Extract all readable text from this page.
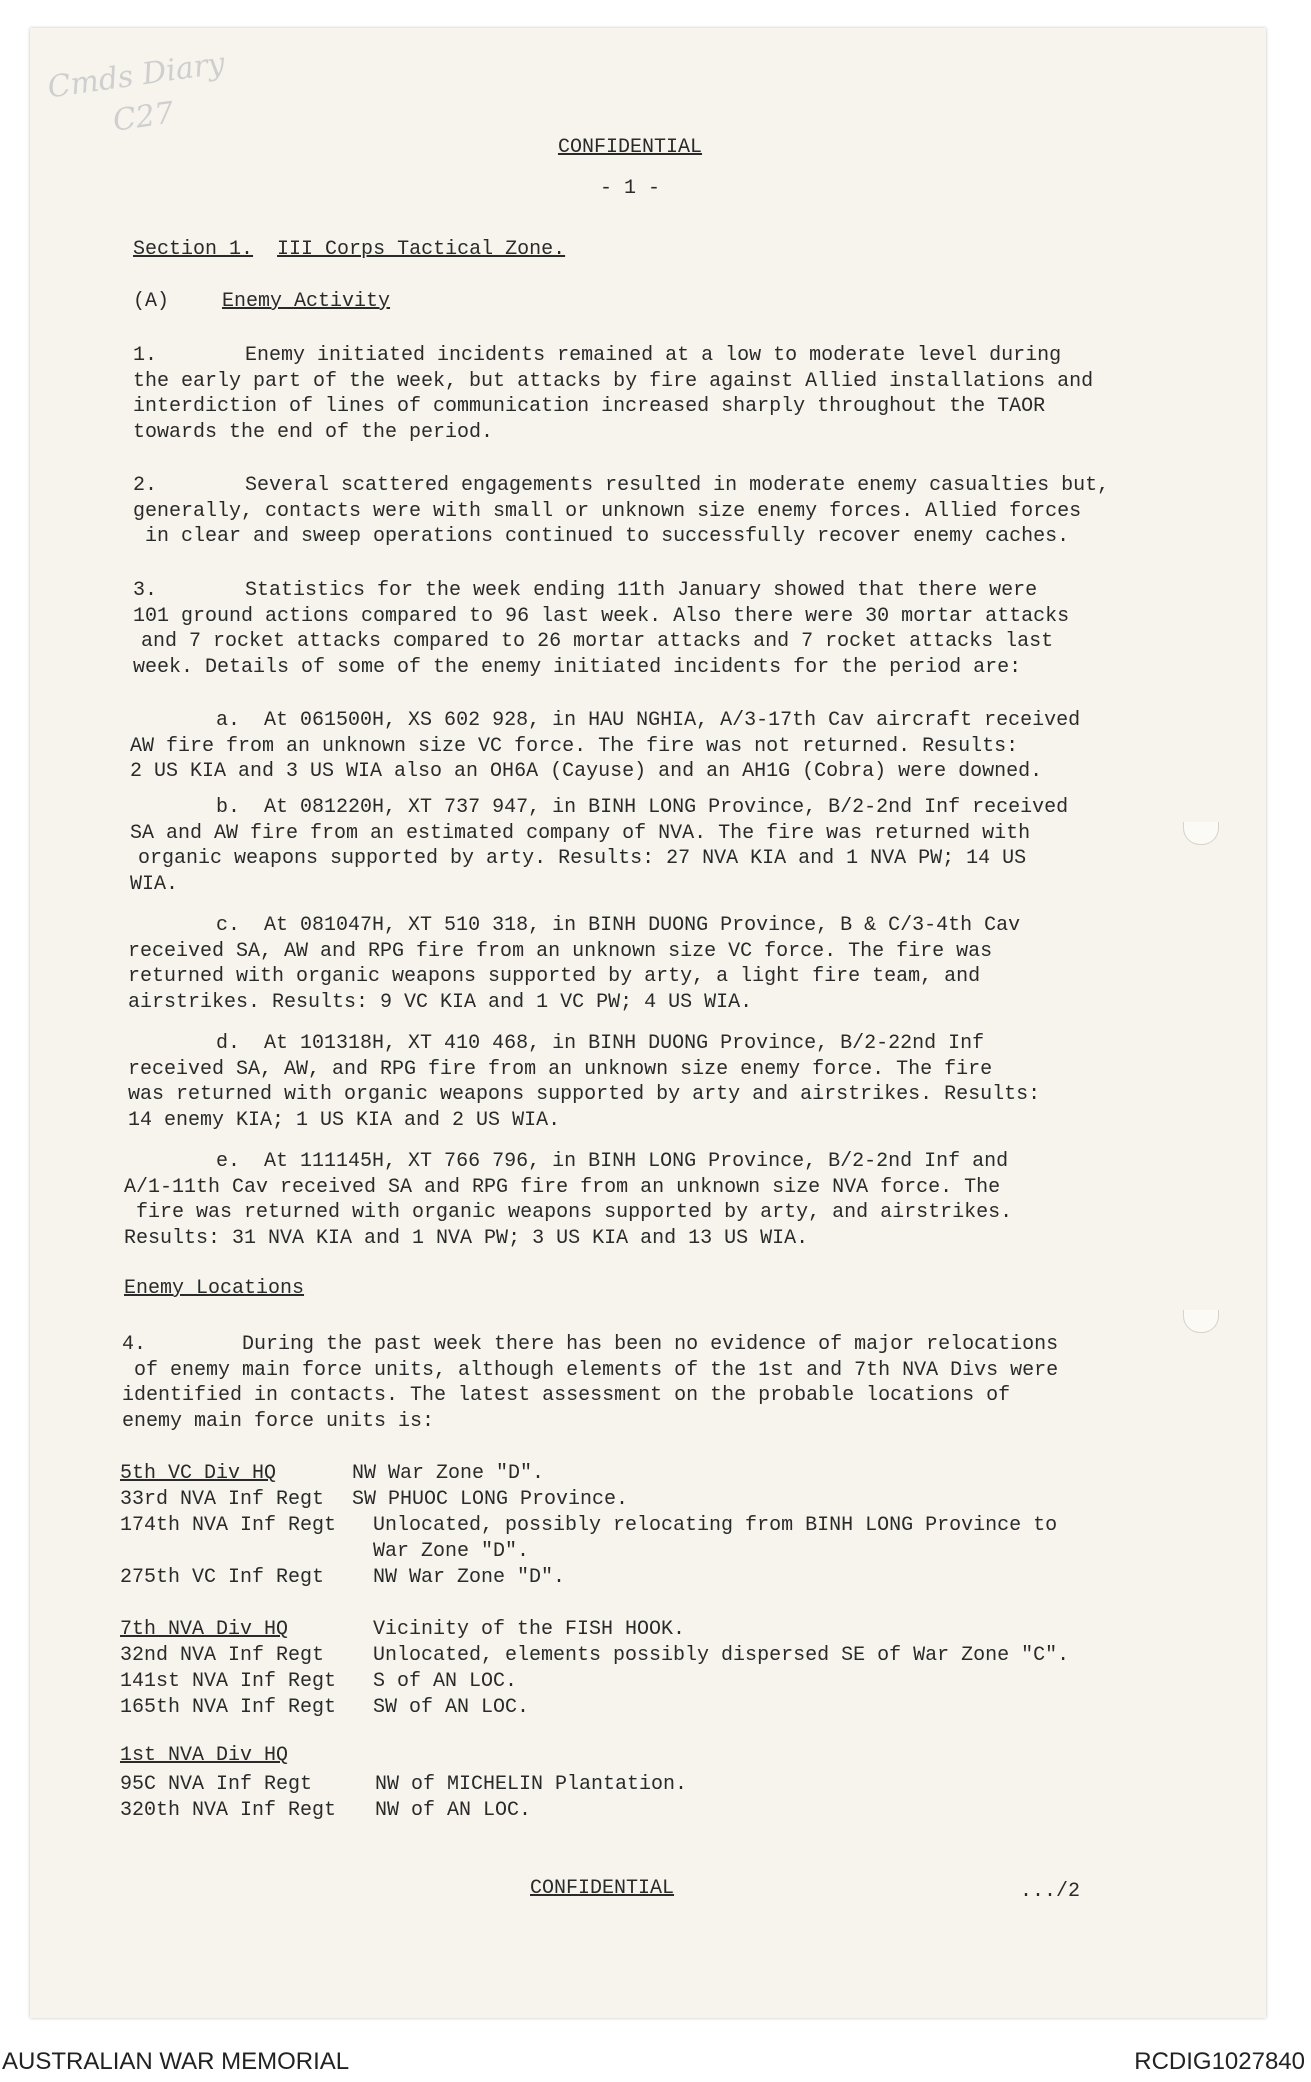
Cmds Diary
C27
CONFIDENTIAL
- 1 -
Section 1. III Corps Tactical Zone.
(A)	Enemy Activity
1.	Enemy initiated incidents remained at a low to moderate level during
the early part of the week, but attacks by fire against Allied installations and
interdiction of lines of communication increased sharply throughout the TAOR
towards the end of the period.
2.	Several scattered engagements resulted in moderate enemy casualties but,
generally, contacts were with small or unknown size enemy forces. Allied forces
in clear and sweep operations continued to successfully recover enemy caches.
3.	Statistics for the week ending 11th January showed that there were
101 ground actions compared to 96 last week. Also there were 30 mortar attacks
and 7 rocket attacks compared to 26 mortar attacks and 7 rocket attacks last
week. Details of some of the enemy initiated incidents for the period are:
a. At 061500H, XS 602 928, in HAU NGHIA, A/3-17th Cav aircraft received
AW fire from an unknown size VC force. The fire was not returned. Results:
2 US KIA and 3 US WIA also an OH6A (Cayuse) and an AH1G (Cobra) were downed.
b. At 081220H, XT 737 947, in BINH LONG Province, B/2-2nd Inf received
SA and AW fire from an estimated company of NVA. The fire was returned with
organic weapons supported by arty. Results: 27 NVA KIA and 1 NVA PW; 14 US
WIA.
c. At 081047H, XT 510 318, in BINH DUONG Province, B & C/3-4th Cav
received SA, AW and RPG fire from an unknown size VC force. The fire was
returned with organic weapons supported by arty, a light fire team, and
airstrikes. Results: 9 VC KIA and 1 VC PW; 4 US WIA.
d. At 101318H, XT 410 468, in BINH DUONG Province, B/2-22nd Inf
received SA, AW, and RPG fire from an unknown size enemy force. The fire
was returned with organic weapons supported by arty and airstrikes. Results:
14 enemy KIA; 1 US KIA and 2 US WIA.
e. At 111145H, XT 766 796, in BINH LONG Province, B/2-2nd Inf and
A/1-11th Cav received SA and RPG fire from an unknown size NVA force. The
fire was returned with organic weapons supported by arty, and airstrikes.
Results: 31 NVA KIA and 1 NVA PW; 3 US KIA and 13 US WIA.
Enemy Locations
4.	During the past week there has been no evidence of major relocations
of enemy main force units, although elements of the 1st and 7th NVA Divs were
identified in contacts. The latest assessment on the probable locations of
enemy main force units is:
5th VC Div HQ	NW War Zone "D".
33rd NVA Inf Regt SW PHUOC LONG Province.
174th NVA Inf Regt Unlocated, possibly relocating from BINH LONG Province to
War Zone "D".
275th VC Inf Regt NW War Zone "D".
7th NVA Div HQ	Vicinity of the FISH HOOK.
32nd NVA Inf Regt Unlocated, elements possibly dispersed SE of War Zone "C".
141st NVA Inf Regt S of AN LOC.
165th NVA Inf Regt SW of AN LOC.
1st NVA Div HQ
95C NVA Inf Regt	NW of MICHELIN Plantation.
320th NVA Inf Regt NW of AN LOC.
CONFIDENTIAL	.../2
AUSTRALIAN WAR MEMORIAL	RCDIG1027840
